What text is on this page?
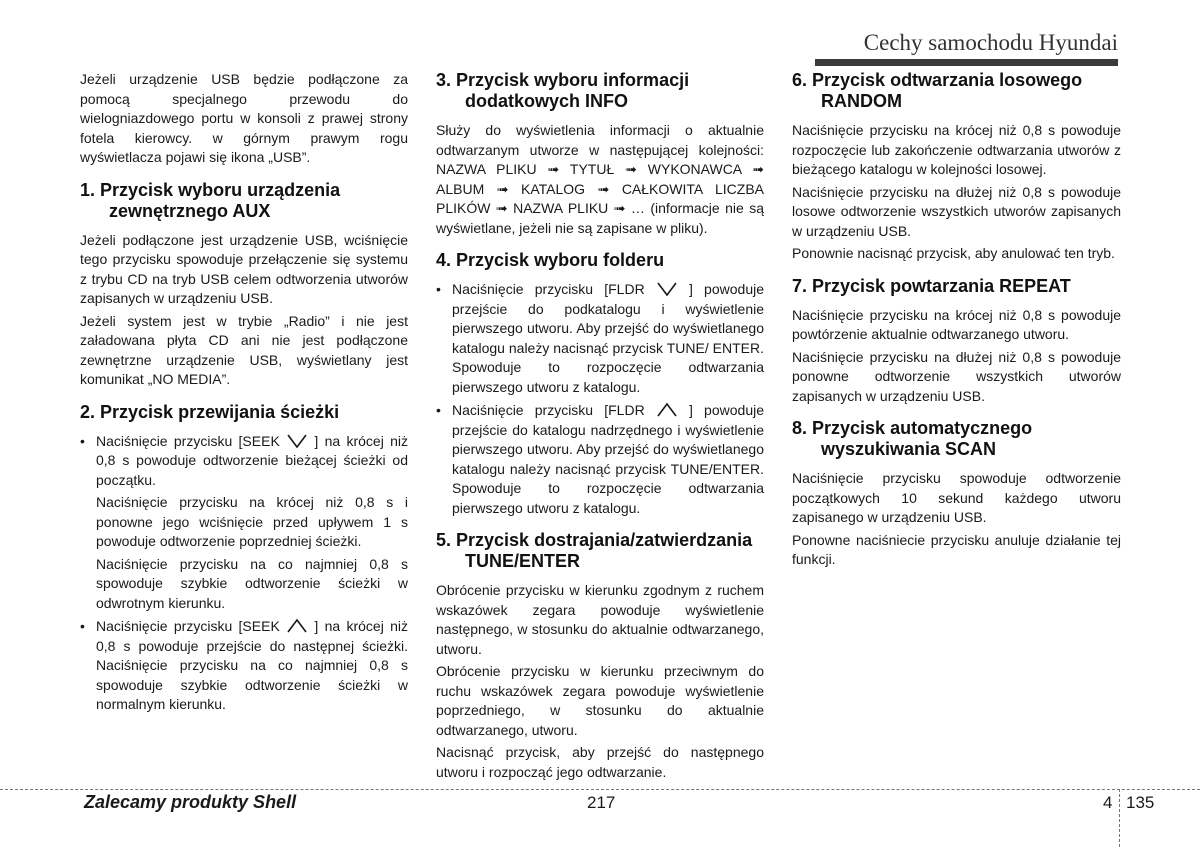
Cechy samochodu Hyundai

Jeżeli urządzenie USB będzie podłączone za pomocą specjalnego przewodu do wielogniazdowego portu w konsoli z prawej strony fotela kierowcy. w górnym prawym rogu wyświetlacza pojawi się ikona „USB”.

1. Przycisk wyboru urządzenia zewnętrznego AUX

Jeżeli podłączone jest urządzenie USB, wciśnięcie tego przycisku spowoduje przełączenie się systemu z trybu CD na tryb USB celem odtworzenia utworów zapisanych w urządzeniu USB.

Jeżeli system jest w trybie „Radio” i nie jest załadowana płyta CD ani nie jest podłączone zewnętrzne urządzenie USB, wyświetlany jest komunikat „NO MEDIA”.

2. Przycisk przewijania ścieżki
• Naciśnięcie przycisku [SEEK ] na krócej niż 0,8 s powoduje odtworzenie bieżącej ścieżki od początku.

Naciśnięcie przycisku na krócej niż 0,8 s i ponowne jego wciśnięcie przed upływem 1 s powoduje odtworzenie poprzedniej ścieżki.

Naciśnięcie przycisku na co najmniej 0,8 s spowoduje szybkie odtworzenie ścieżki w odwrotnym kierunku.

• Naciśnięcie przycisku [SEEK ] na krócej niż 0,8 s powoduje przejście do następnej ścieżki. Naciśnięcie przycisku na co najmniej 0,8 s spowoduje szybkie odtworzenie ścieżki w normalnym kierunku.

3. Przycisk wyboru informacji dodatkowych INFO

Służy do wyświetlenia informacji o aktualnie odtwarzanym utworze w następującej kolejności: NAZWA PLIKU ➟ TYTUŁ ➟ WYKONAWCA ➟ ALBUM ➟ KATALOG ➟ CAŁKOWITA LICZBA PLIKÓW ➟ NAZWA PLIKU ➟ … (informacje nie są wyświetlane, jeżeli nie są zapisane w pliku).

4. Przycisk wyboru folderu
• Naciśnięcie przycisku [FLDR	] powoduje przejście do podkatalogu i wyświetlenie pierwszego utworu. Aby przejść do wyświetlanego katalogu należy nacisnąć przycisk TUNE/ ENTER. Spowoduje to rozpoczęcie odtwarzania pierwszego utworu z katalogu.

• Naciśnięcie przycisku [FLDR	] powoduje przejście do katalogu nadrzędnego i wyświetlenie pierwszego utworu. Aby przejść do wyświetlanego katalogu należy nacisnąć przycisk TUNE/ENTER. Spowoduje to rozpoczęcie odtwarzania pierwszego utworu z katalogu.

5. Przycisk dostrajania/zatwierdzania TUNE/ENTER

Obrócenie przycisku w kierunku zgodnym z ruchem wskazówek zegara powoduje wyświetlenie następnego, w stosunku do aktualnie odtwarzanego, utworu.

Obrócenie przycisku w kierunku przeciwnym do ruchu wskazówek zegara powoduje wyświetlenie poprzedniego, w stosunku do aktualnie odtwarzanego, utworu.

Nacisnąć przycisk, aby przejść do następnego utworu i rozpocząć jego odtwarzanie.

6. Przycisk odtwarzania losowego RANDOM

Naciśnięcie przycisku na krócej niż 0,8 s powoduje rozpoczęcie lub zakończenie odtwarzania utworów z bieżącego katalogu w kolejności losowej.

Naciśnięcie przycisku na dłużej niż 0,8 s powoduje losowe odtworzenie wszystkich utworów zapisanych w urządzeniu USB.

Ponownie nacisnąć przycisk, aby anulować ten tryb.

7. Przycisk powtarzania REPEAT

Naciśnięcie przycisku na krócej niż 0,8 s powoduje powtórzenie aktualnie odtwarzanego utworu.

Naciśnięcie przycisku na dłużej niż 0,8 s powoduje ponowne odtworzenie wszystkich utworów zapisanych w urządzeniu USB.

8. Przycisk automatycznego wyszukiwania SCAN

Naciśnięcie przycisku spowoduje odtworzenie początkowych 10 sekund każdego utworu zapisanego w urządzeniu USB.

Ponowne naciśniecie przycisku anuluje działanie tej funkcji.

Zalecamy produkty Shell	217	4 135
